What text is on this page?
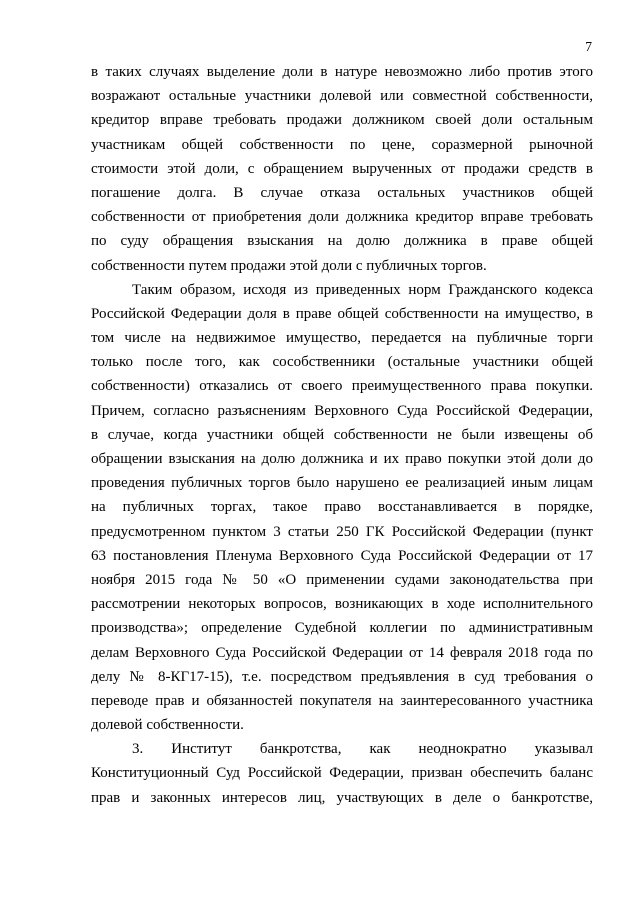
7
в таких случаях выделение доли в натуре невозможно либо против этого
возражают остальные участники долевой или совместной собственности,
кредитор вправе требовать продажи должником своей доли остальным
участникам общей собственности по цене, соразмерной рыночной
стоимости этой доли, с обращением вырученных от продажи средств в
погашение долга. В случае отказа остальных участников общей
собственности от приобретения доли должника кредитор вправе требовать
по суду обращения взыскания на долю должника в праве общей
собственности путем продажи этой доли с публичных торгов.
Таким образом, исходя из приведенных норм Гражданского кодекса
Российской Федерации доля в праве общей собственности на имущество, в
том числе на недвижимое имущество, передается на публичные торги
только после того, как сособственники (остальные участники общей
собственности) отказались от своего преимущественного права покупки.
Причем, согласно разъяснениям Верховного Суда Российской Федерации,
в случае, когда участники общей собственности не были извещены об
обращении взыскания на долю должника и их право покупки этой доли до
проведения публичных торгов было нарушено ее реализацией иным лицам
на публичных торгах, такое право восстанавливается в порядке,
предусмотренном пунктом 3 статьи 250 ГК Российской Федерации (пункт
63 постановления Пленума Верховного Суда Российской Федерации от 17
ноября 2015 года № 50 «О применении судами законодательства при
рассмотрении некоторых вопросов, возникающих в ходе исполнительного
производства»; определение Судебной коллегии по административным
делам Верховного Суда Российской Федерации от 14 февраля 2018 года по
делу № 8-КГ17-15), т.е. посредством предъявления в суд требования о
переводе прав и обязанностей покупателя на заинтересованного участника
долевой собственности.
3. Институт банкротства, как неоднократно указывал
Конституционный Суд Российской Федерации, призван обеспечить баланс
прав и законных интересов лиц, участвующих в деле о банкротстве,
